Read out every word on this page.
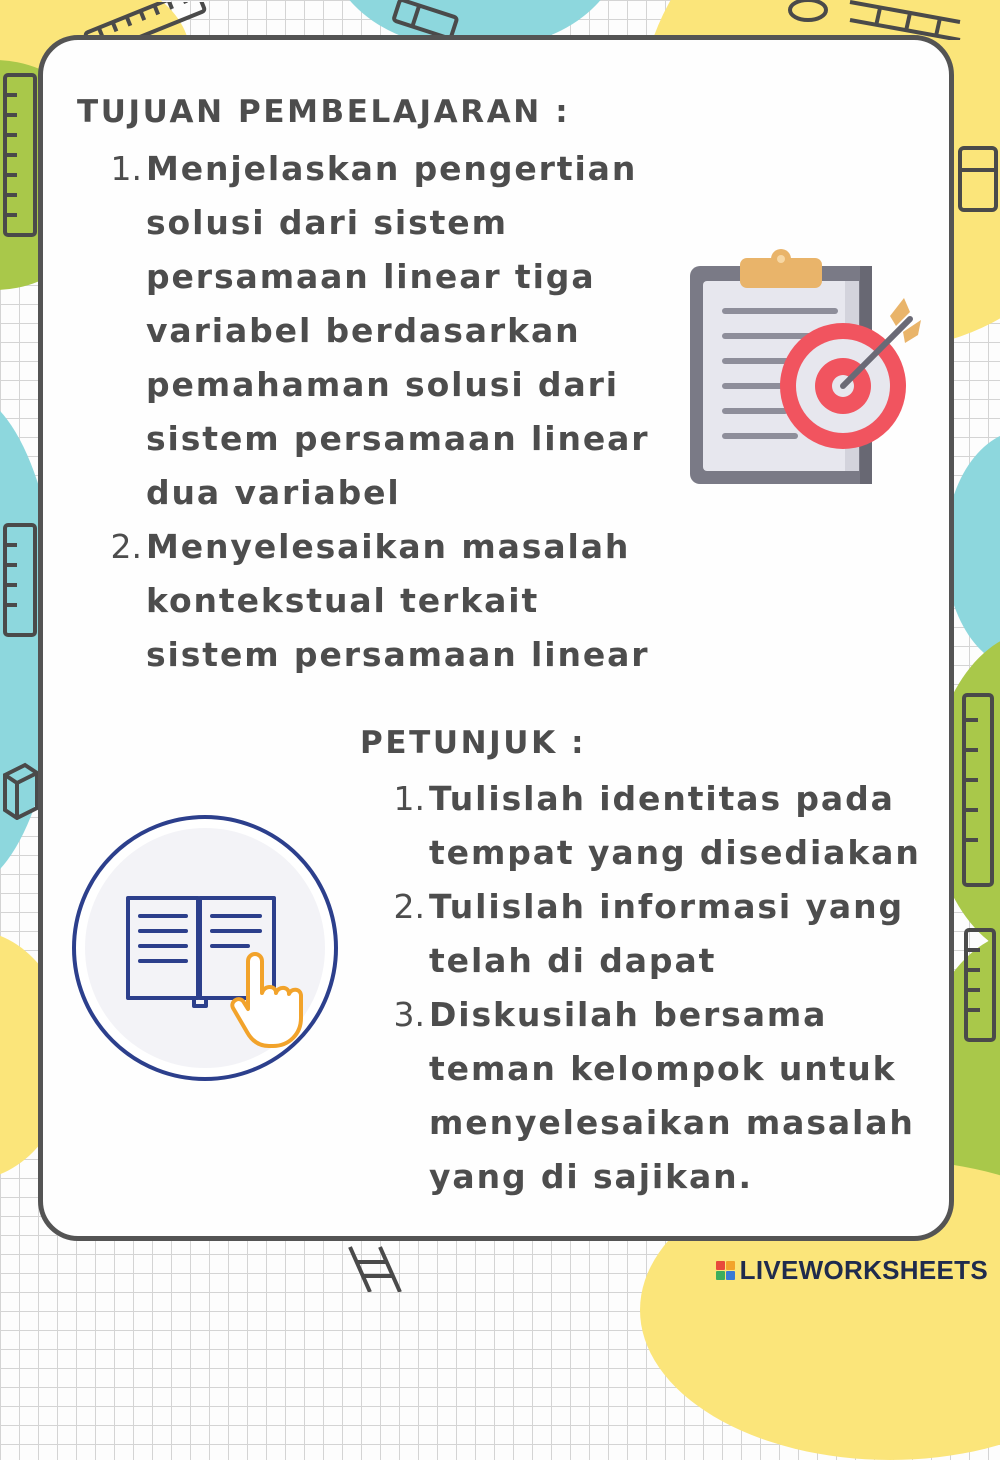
TUJUAN PEMBELAJARAN :
1. Menjelaskan pengertian
solusi dari sistem
persamaan linear tiga
variabel berdasarkan
pemahaman solusi dari
sistem persamaan linear
dua variabel
2. Menyelesaikan masalah
kontekstual terkait
sistem persamaan linear
PETUNJUK :
1. Tulislah identitas pada
tempat yang disediakan
2. Tulislah informasi yang
telah di dapat
3. Diskusilah bersama
teman kelompok untuk
menyelesaikan masalah
yang di sajikan.
LIVEWORKSHEETS
